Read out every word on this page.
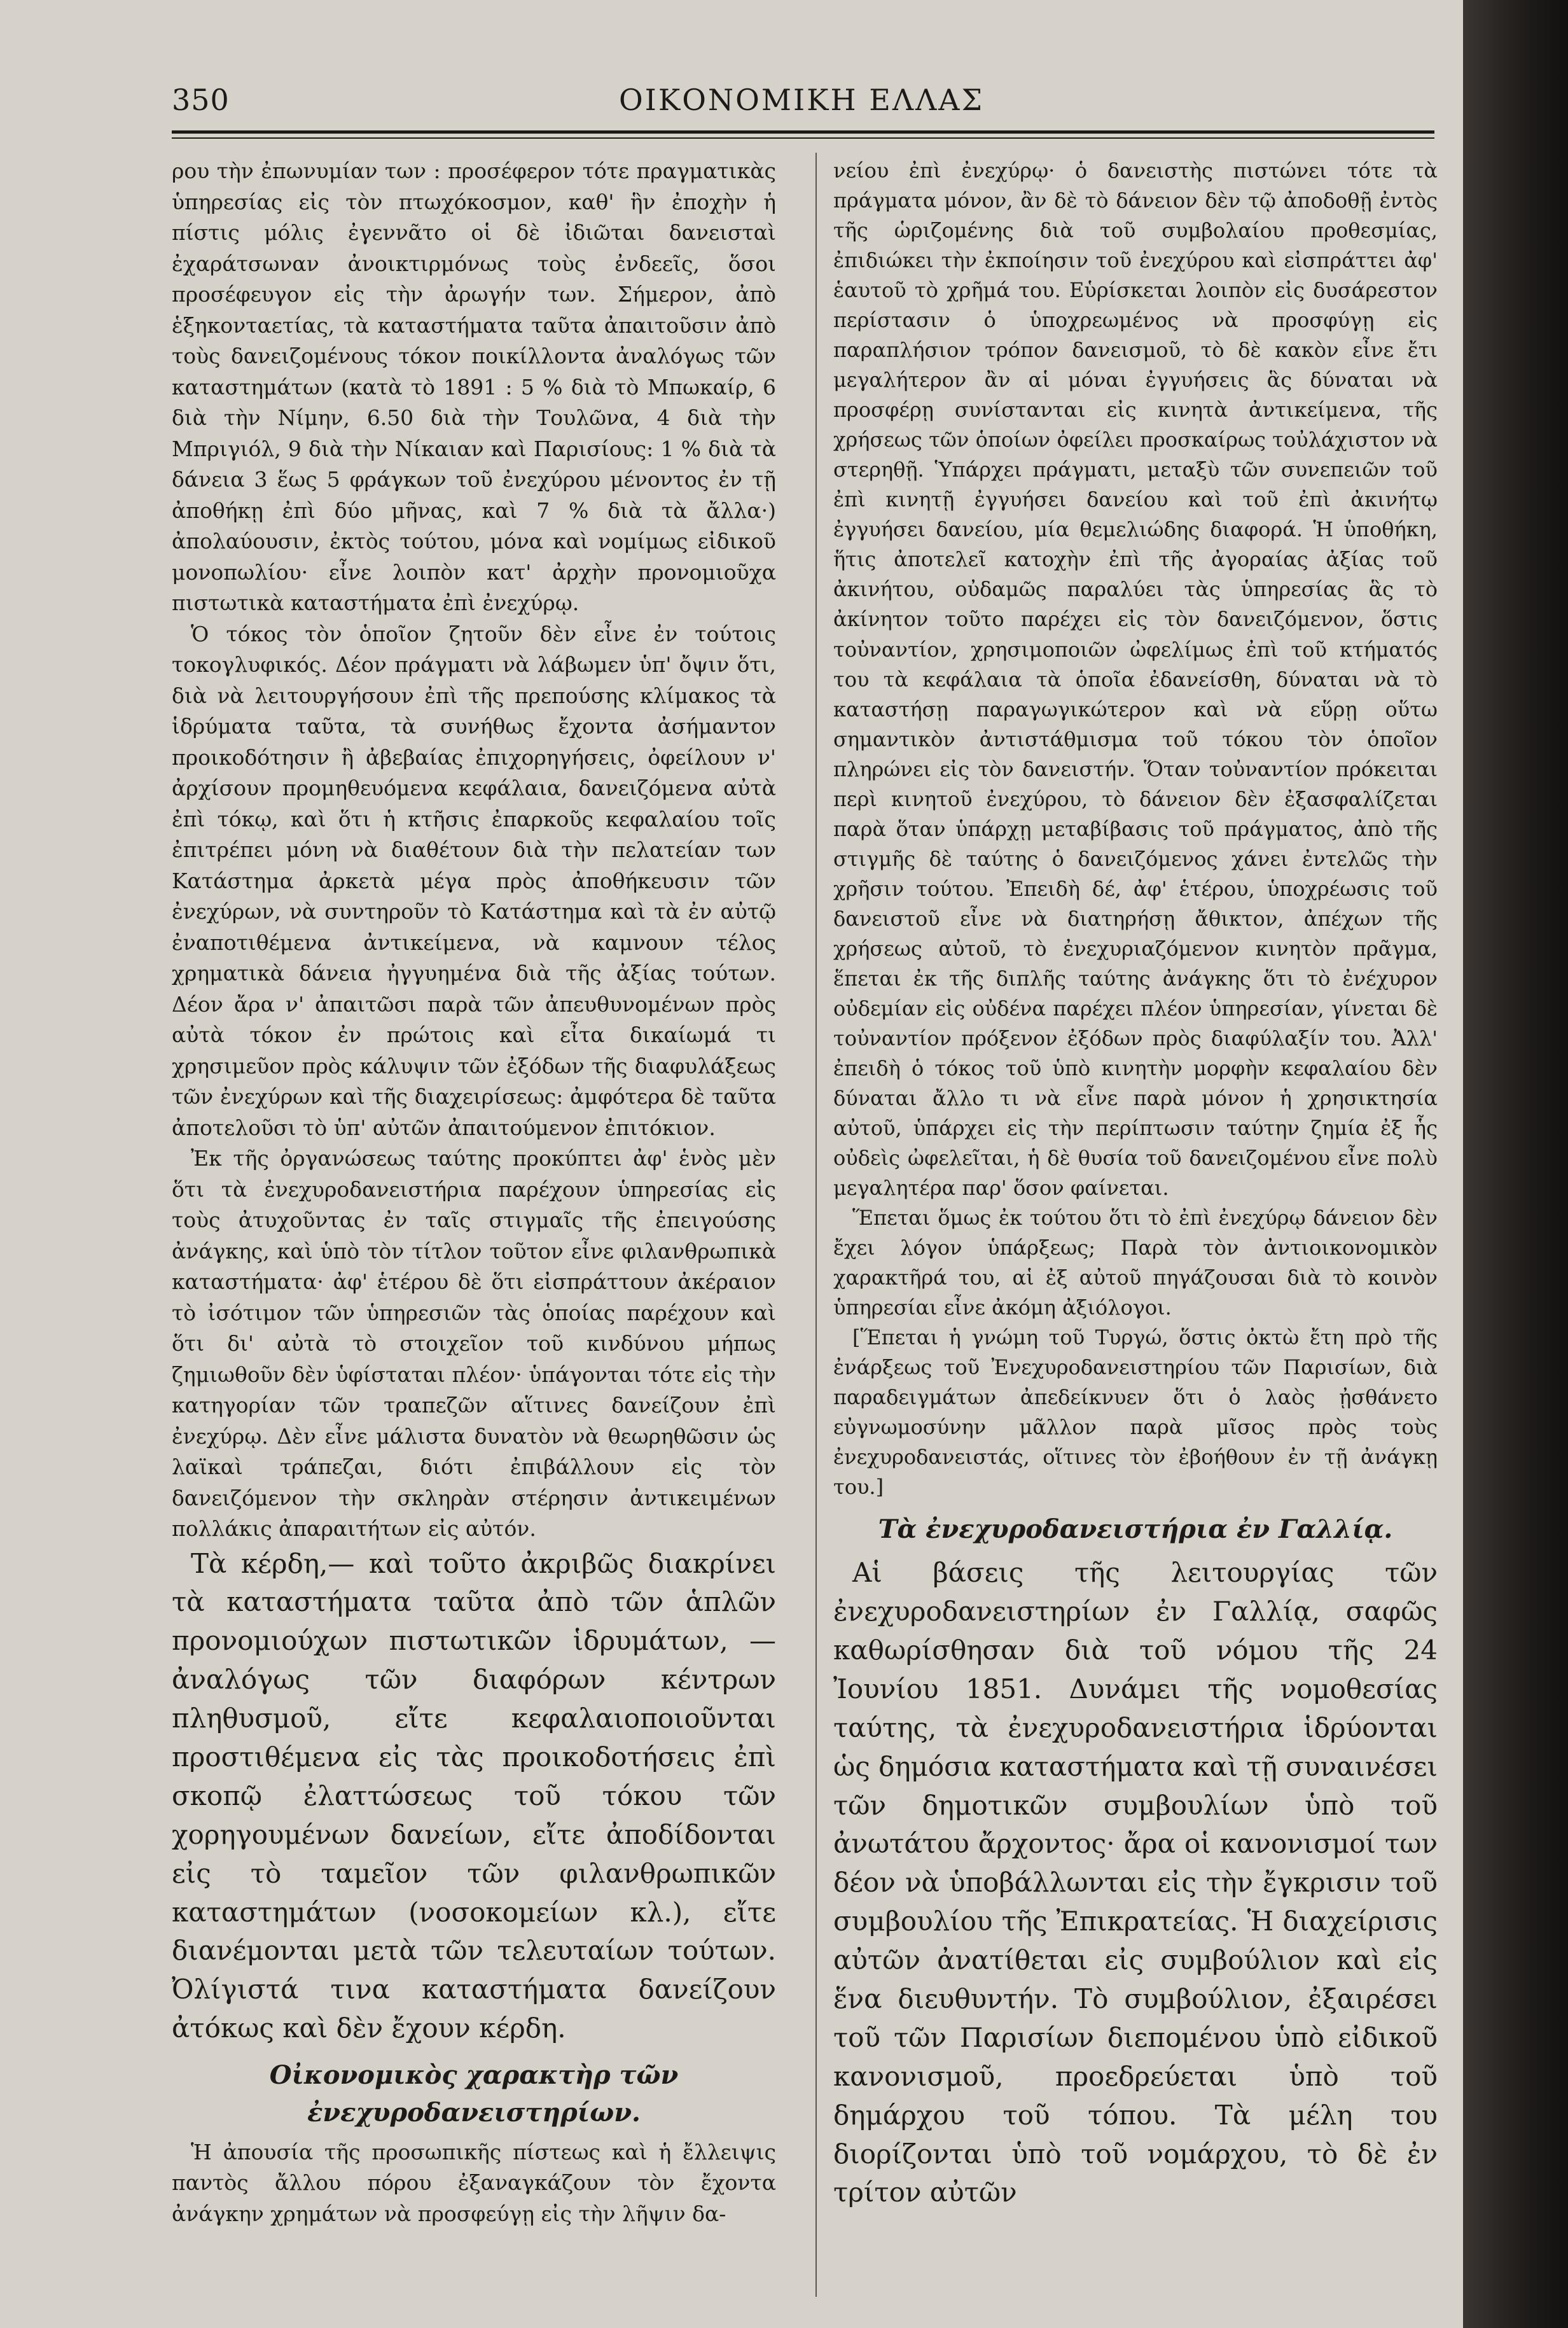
350	ΟΙΚΟΝΟΜΙΚΗ ΕΛΛΑΣ

ρου τὴν ἐπωνυμίαν των : προσέφερον τότε πραγματικὰς ὑπηρεσίας εἰς τὸν πτωχόκοσμον, καθ' ἣν ἐποχὴν ἡ πίστις μόλις ἐγεννᾶτο οἱ δὲ ἰδιῶται δανεισταὶ ἐχαράτσωναν ἀνοικτιρμόνως τοὺς ἐνδεεῖς, ὅσοι προσέφευγον εἰς τὴν ἀρωγήν των. Σήμερον, ἀπὸ ἑξηκονταετίας, τὰ καταστήματα ταῦτα ἀπαιτοῦσιν ἀπὸ τοὺς δανειζομένους τόκον ποικίλλοντα ἀναλόγως τῶν καταστημάτων (κατὰ τὸ 1891 : 5 % διὰ τὸ Μπωκαίρ, 6 διὰ τὴν Νίμην, 6.50 διὰ τὴν Τουλῶνα, 4 διὰ τὴν Μπριγιόλ, 9 διὰ τὴν Νίκαιαν καὶ Παρισίους: 1 % διὰ τὰ δάνεια 3 ἕως 5 φράγκων τοῦ ἐνεχύρου μένοντος ἐν τῇ ἀποθήκῃ ἐπὶ δύο μῆνας, καὶ 7 % διὰ τὰ ἄλλα·) ἀπολαύουσιν, ἐκτὸς τούτου, μόνα καὶ νομίμως εἰδικοῦ μονοπωλίου· εἶνε λοιπὸν κατ' ἀρχὴν προνομιοῦχα πιστωτικὰ καταστήματα ἐπὶ ἐνεχύρῳ.

Ὁ τόκος τὸν ὁποῖον ζητοῦν δὲν εἶνε ἐν τούτοις τοκογλυφικός. Δέον πράγματι νὰ λάβωμεν ὑπ' ὄψιν ὅτι, διὰ νὰ λειτουργήσουν ἐπὶ τῆς πρεπούσης κλίμακος τὰ ἱδρύματα ταῦτα, τὰ συνήθως ἔχοντα ἀσήμαντον προικοδότησιν ἢ ἀβεβαίας ἐπιχορηγήσεις, ὀφείλουν ν' ἀρχίσουν προμηθευόμενα κεφάλαια, δανειζόμενα αὐτὰ ἐπὶ τόκῳ, καὶ ὅτι ἡ κτῆσις ἐπαρκοῦς κεφαλαίου τοῖς ἐπιτρέπει μόνη νὰ διαθέτουν διὰ τὴν πελατείαν των Κατάστημα ἀρκετὰ μέγα πρὸς ἀποθήκευσιν τῶν ἐνεχύρων, νὰ συντηροῦν τὸ Κατάστημα καὶ τὰ ἐν αὐτῷ ἐναποτιθέμενα ἀντικείμενα, νὰ καμνουν τέλος χρηματικὰ δάνεια ἠγγυημένα διὰ τῆς ἀξίας τούτων. Δέον ἄρα ν' ἀπαιτῶσι παρὰ τῶν ἀπευθυνομένων πρὸς αὐτὰ τόκον ἐν πρώτοις καὶ εἶτα δικαίωμά τι χρησιμεῦον πρὸς κάλυψιν τῶν ἐξόδων τῆς διαφυλάξεως τῶν ἐνεχύρων καὶ τῆς διαχειρίσεως: ἀμφότερα δὲ ταῦτα ἀποτελοῦσι τὸ ὑπ' αὐτῶν ἀπαιτούμενον ἐπιτόκιον.

Ἐκ τῆς ὀργανώσεως ταύτης προκύπτει ἀφ' ἑνὸς μὲν ὅτι τὰ ἐνεχυροδανειστήρια παρέχουν ὑπηρεσίας εἰς τοὺς ἀτυχοῦντας ἐν ταῖς στιγμαῖς τῆς ἐπειγούσης ἀνάγκης, καὶ ὑπὸ τὸν τίτλον τοῦτον εἶνε φιλανθρωπικὰ καταστήματα· ἀφ' ἑτέρου δὲ ὅτι εἰσπράττουν ἀκέραιον τὸ ἰσότιμον τῶν ὑπηρεσιῶν τὰς ὁποίας παρέχουν καὶ ὅτι δι' αὐτὰ τὸ στοιχεῖον τοῦ κινδύνου μήπως ζημιωθοῦν δὲν ὑφίσταται πλέον· ὑπάγονται τότε εἰς τὴν κατηγορίαν τῶν τραπεζῶν αἵτινες δανείζουν ἐπὶ ἐνεχύρῳ. Δὲν εἶνε μάλιστα δυνατὸν νὰ θεωρηθῶσιν ὡς λαϊκαὶ τράπεζαι, διότι ἐπιβάλλουν εἰς τὸν δανειζόμενον τὴν σκληρὰν στέρησιν ἀντικειμένων πολλάκις ἀπαραιτήτων εἰς αὐτόν.

Τὰ κέρδη,— καὶ τοῦτο ἀκριβῶς διακρίνει τὰ καταστήματα ταῦτα ἀπὸ τῶν ἁπλῶν προνομιούχων πιστωτικῶν ἱδρυμάτων, — ἀναλόγως τῶν διαφόρων κέντρων πληθυσμοῦ, εἴτε κεφαλαιοποιοῦνται προστιθέμενα εἰς τὰς προικοδοτήσεις ἐπὶ σκοπῷ ἐλαττώσεως τοῦ τόκου τῶν χορηγουμένων δανείων, εἴτε ἀποδίδονται εἰς τὸ ταμεῖον τῶν φιλανθρωπικῶν καταστημάτων (νοσοκομείων κλ.), εἴτε διανέμονται μετὰ τῶν τελευταίων τούτων. Ὀλίγιστά τινα καταστήματα δανείζουν ἀτόκως καὶ δὲν ἔχουν κέρδη.

Οἰκονομικὸς χαρακτὴρ τῶν ἐνεχυροδανειστηρίων.

Ἡ ἀπουσία τῆς προσωπικῆς πίστεως καὶ ἡ ἔλλειψις παντὸς ἄλλου πόρου ἐξαναγκάζουν τὸν ἔχοντα ἀνάγκην χρημάτων νὰ προσφεύγῃ εἰς τὴν λῆψιν δα-

νείου ἐπὶ ἐνεχύρῳ· ὁ δανειστὴς πιστώνει τότε τὰ πράγματα μόνον, ἂν δὲ τὸ δάνειον δὲν τῷ ἀποδοθῇ ἐντὸς τῆς ὡριζομένης διὰ τοῦ συμβολαίου προθεσμίας, ἐπιδιώκει τὴν ἐκποίησιν τοῦ ἐνεχύρου καὶ εἰσπράττει ἀφ' ἑαυτοῦ τὸ χρῆμά του. Εὑρίσκεται λοιπὸν εἰς δυσάρεστον περίστασιν ὁ ὑποχρεωμένος νὰ προσφύγῃ εἰς παραπλήσιον τρόπον δανεισμοῦ, τὸ δὲ κακὸν εἶνε ἔτι μεγαλήτερον ἂν αἱ μόναι ἐγγυήσεις ἃς δύναται νὰ προσφέρῃ συνίστανται εἰς κινητὰ ἀντικείμενα, τῆς χρήσεως τῶν ὁποίων ὀφείλει προσκαίρως τοὐλάχιστον νὰ στερηθῇ. Ὑπάρχει πράγματι, μεταξὺ τῶν συνεπειῶν τοῦ ἐπὶ κινητῇ ἐγγυήσει δανείου καὶ τοῦ ἐπὶ ἀκινήτῳ ἐγγυήσει δανείου, μία θεμελιώδης διαφορά. Ἡ ὑποθήκη, ἥτις ἀποτελεῖ κατοχὴν ἐπὶ τῆς ἀγοραίας ἀξίας τοῦ ἀκινήτου, οὐδαμῶς παραλύει τὰς ὑπηρεσίας ἃς τὸ ἀκίνητον τοῦτο παρέχει εἰς τὸν δανειζόμενον, ὅστις τοὐναντίον, χρησιμοποιῶν ὠφελίμως ἐπὶ τοῦ κτήματός του τὰ κεφάλαια τὰ ὁποῖα ἐδανείσθη, δύναται νὰ τὸ καταστήσῃ παραγωγικώτερον καὶ νὰ εὕρῃ οὕτω σημαντικὸν ἀντιστάθμισμα τοῦ τόκου τὸν ὁποῖον πληρώνει εἰς τὸν δανειστήν. Ὅταν τοὐναντίον πρόκειται περὶ κινητοῦ ἐνεχύρου, τὸ δάνειον δὲν ἐξασφαλίζεται παρὰ ὅταν ὑπάρχῃ μεταβίβασις τοῦ πράγματος, ἀπὸ τῆς στιγμῆς δὲ ταύτης ὁ δανειζόμενος χάνει ἐντελῶς τὴν χρῆσιν τούτου. Ἐπειδὴ δέ, ἀφ' ἑτέρου, ὑποχρέωσις τοῦ δανειστοῦ εἶνε νὰ διατηρήσῃ ἄθικτον, ἀπέχων τῆς χρήσεως αὐτοῦ, τὸ ἐνεχυριαζόμενον κινητὸν πρᾶγμα, ἕπεται ἐκ τῆς διπλῆς ταύτης ἀνάγκης ὅτι τὸ ἐνέχυρον οὐδεμίαν εἰς οὐδένα παρέχει πλέον ὑπηρεσίαν, γίνεται δὲ τοὐναντίον πρόξενον ἐξόδων πρὸς διαφύλαξίν του. Ἀλλ' ἐπειδὴ ὁ τόκος τοῦ ὑπὸ κινητὴν μορφὴν κεφαλαίου δὲν δύναται ἄλλο τι νὰ εἶνε παρὰ μόνον ἡ χρησικτησία αὐτοῦ, ὑπάρχει εἰς τὴν περίπτωσιν ταύτην ζημία ἐξ ἧς οὐδεὶς ὠφελεῖται, ἡ δὲ θυσία τοῦ δανειζομένου εἶνε πολὺ μεγαλητέρα παρ' ὅσον φαίνεται.

Ἕπεται ὅμως ἐκ τούτου ὅτι τὸ ἐπὶ ἐνεχύρῳ δάνειον δὲν ἔχει λόγον ὑπάρξεως; Παρὰ τὸν ἀντιοικονομικὸν χαρακτῆρά του, αἱ ἐξ αὐτοῦ πηγάζουσαι διὰ τὸ κοινὸν ὑπηρεσίαι εἶνε ἀκόμη ἀξιόλογοι.

[Ἕπεται ἡ γνώμη τοῦ Τυργώ, ὅστις ὀκτὼ ἔτη πρὸ τῆς ἐνάρξεως τοῦ Ἐνεχυροδανειστηρίου τῶν Παρισίων, διὰ παραδειγμάτων ἀπεδείκνυεν ὅτι ὁ λαὸς ᾐσθάνετο εὐγνωμοσύνην μᾶλλον παρὰ μῖσος πρὸς τοὺς ἐνεχυροδανειστάς, οἵτινες τὸν ἐβοήθουν ἐν τῇ ἀνάγκῃ του.]

Τὰ ἐνεχυροδανειστήρια ἐν Γαλλίᾳ.

Αἱ βάσεις τῆς λειτουργίας τῶν ἐνεχυροδανειστηρίων ἐν Γαλλίᾳ, σαφῶς καθωρίσθησαν διὰ τοῦ νόμου τῆς 24 Ἰουνίου 1851. Δυνάμει τῆς νομοθεσίας ταύτης, τὰ ἐνεχυροδανειστήρια ἱδρύονται ὡς δημόσια καταστήματα καὶ τῇ συναινέσει τῶν δημοτικῶν συμβουλίων ὑπὸ τοῦ ἀνωτάτου ἄρχοντος· ἄρα οἱ κανονισμοί των δέον νὰ ὑποβάλλωνται εἰς τὴν ἔγκρισιν τοῦ συμβουλίου τῆς Ἐπικρατείας. Ἡ διαχείρισις αὐτῶν ἀνατίθεται εἰς συμβούλιον καὶ εἰς ἕνα διευθυντήν. Τὸ συμβούλιον, ἐξαιρέσει τοῦ τῶν Παρισίων διεπομένου ὑπὸ εἰδικοῦ κανονισμοῦ, προεδρεύεται ὑπὸ τοῦ δημάρχου τοῦ τόπου. Τὰ μέλη του διορίζονται ὑπὸ τοῦ νομάρχου, τὸ δὲ ἐν τρίτον αὐτῶν
